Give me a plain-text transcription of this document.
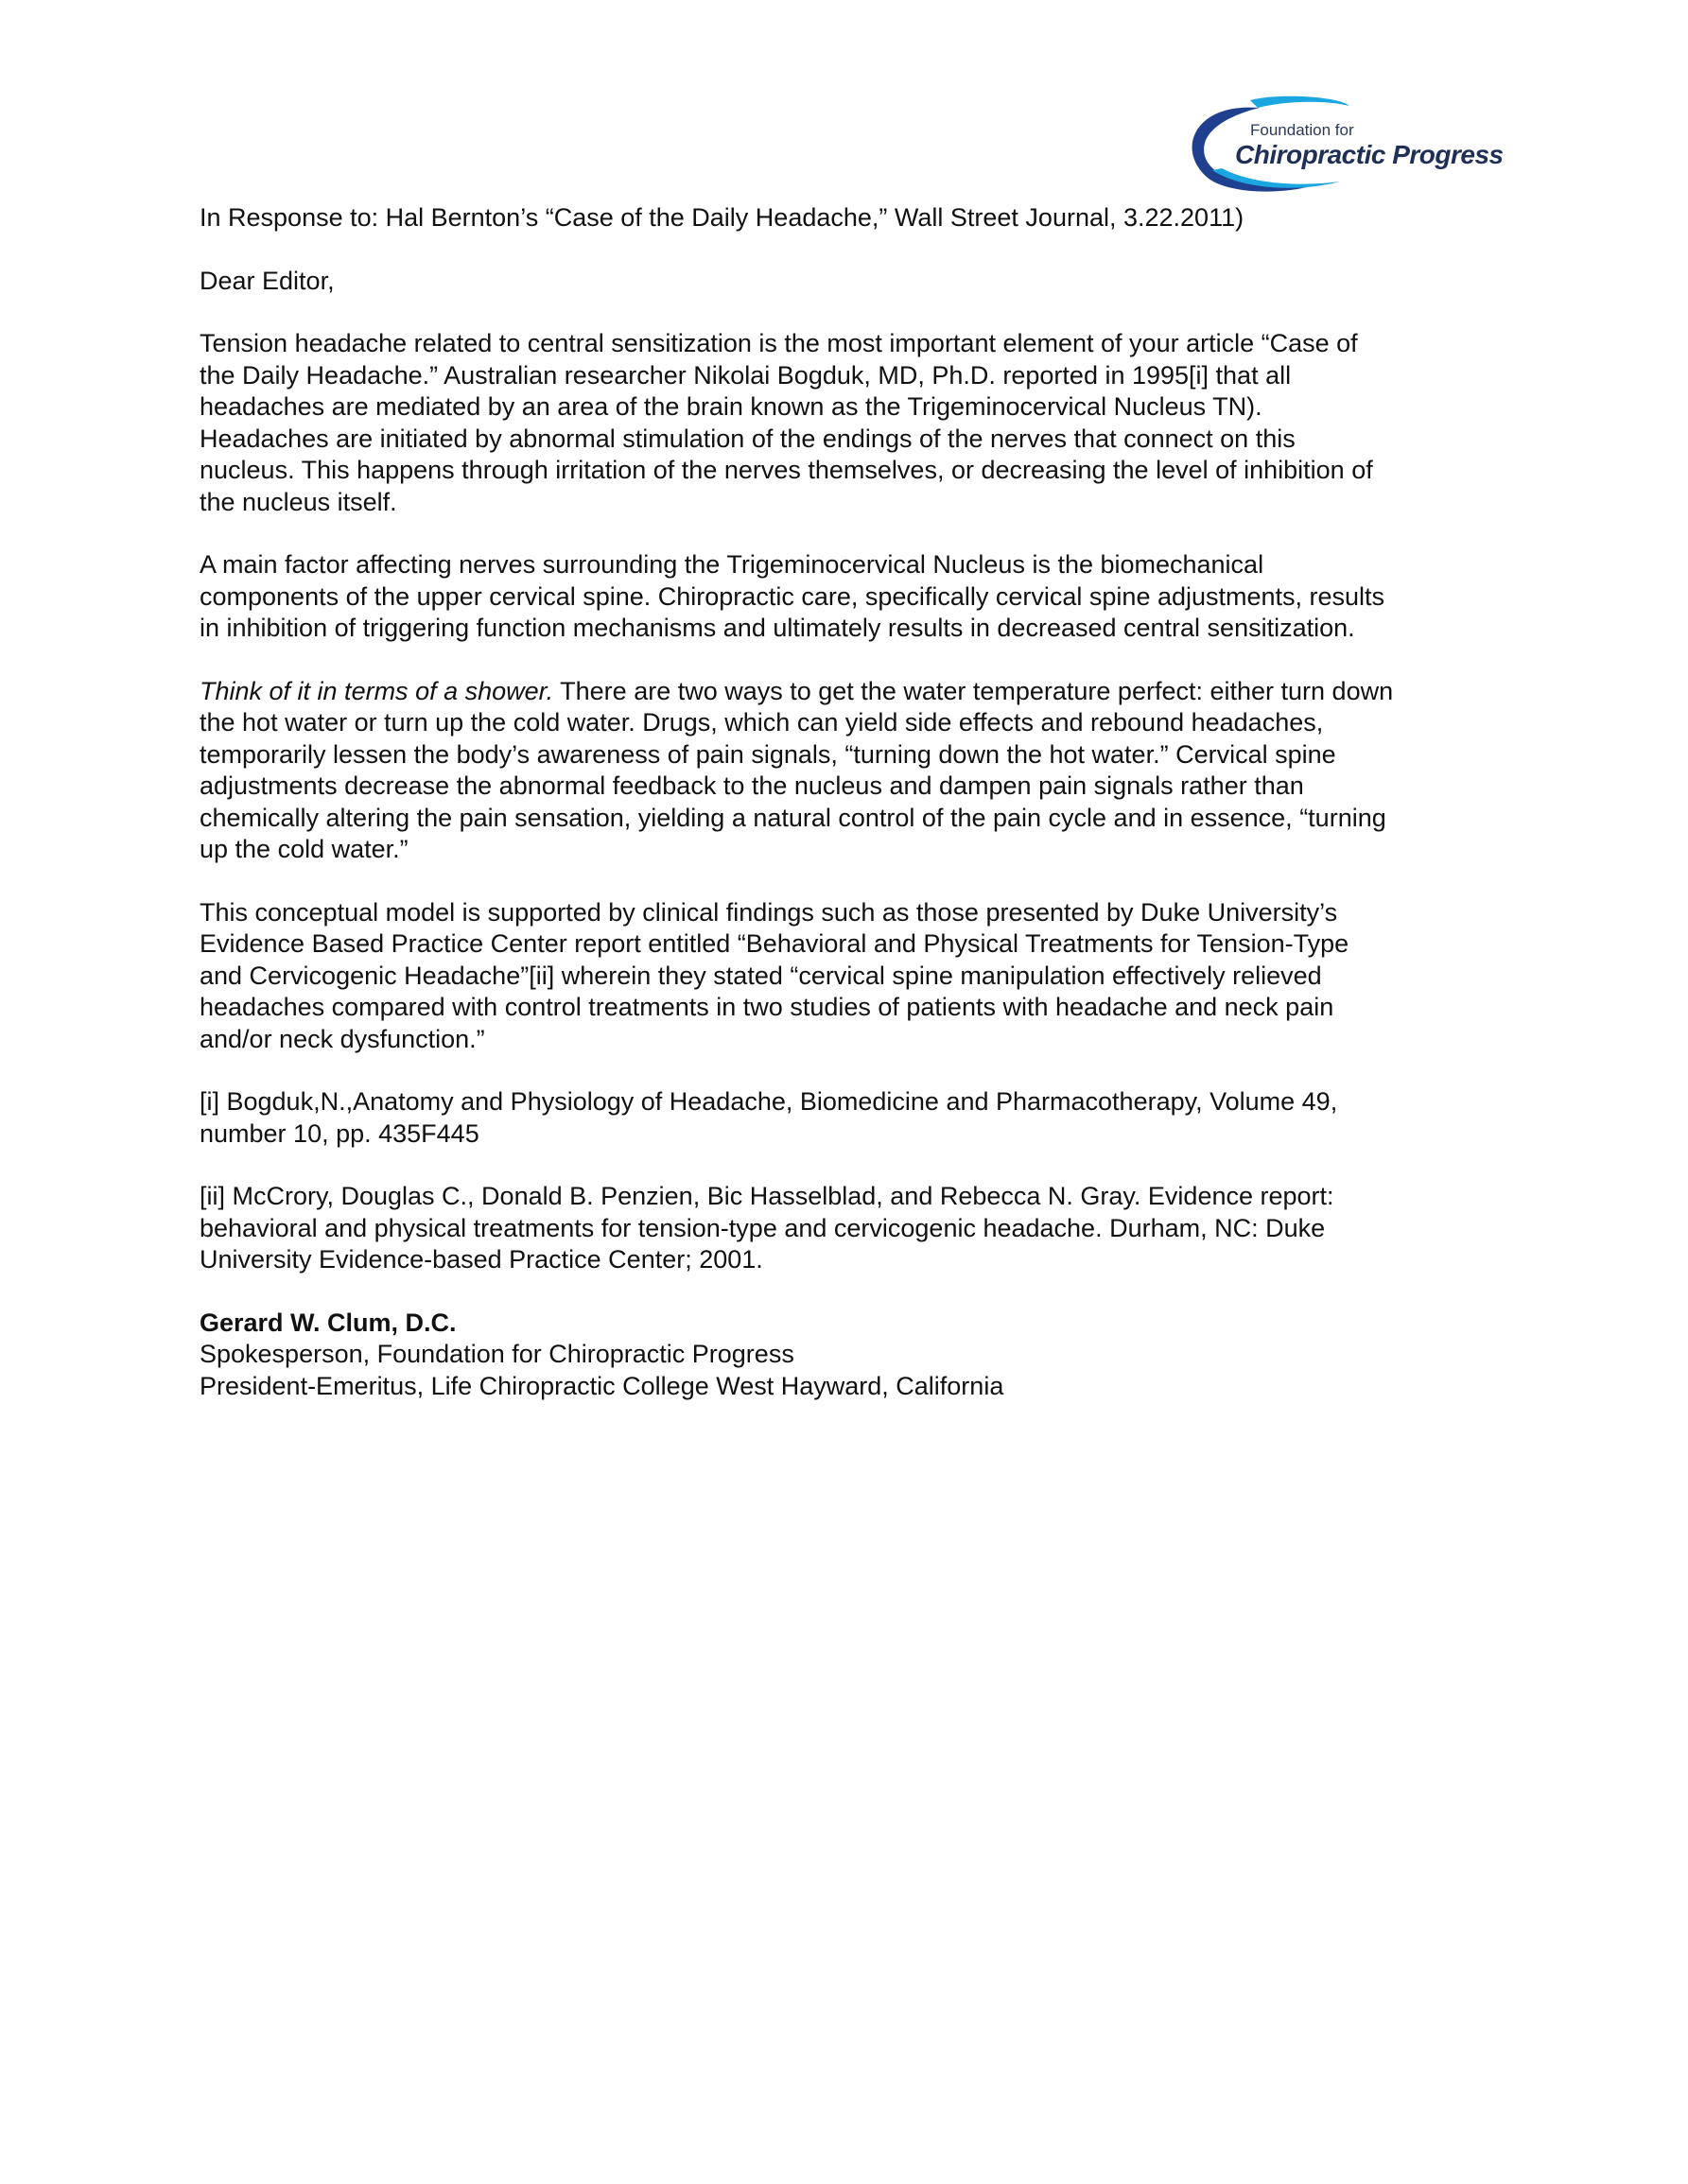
Foundation for
Chiropractic Progress

In Response to: Hal Bernton’s “Case of the Daily Headache,” Wall Street Journal, 3.22.2011)

Dear Editor,

Tension headache related to central sensitization is the most important element of your article “Case of
the Daily Headache.” Australian researcher Nikolai Bogduk, MD, Ph.D. reported in 1995[i] that all
headaches are mediated by an area of the brain known as the Trigeminocervical Nucleus TN).
Headaches are initiated by abnormal stimulation of the endings of the nerves that connect on this
nucleus. This happens through irritation of the nerves themselves, or decreasing the level of inhibition of
the nucleus itself.

A main factor affecting nerves surrounding the Trigeminocervical Nucleus is the biomechanical
components of the upper cervical spine. Chiropractic care, specifically cervical spine adjustments, results
in inhibition of triggering function mechanisms and ultimately results in decreased central sensitization.

Think of it in terms of a shower. There are two ways to get the water temperature perfect: either turn down
the hot water or turn up the cold water. Drugs, which can yield side effects and rebound headaches,
temporarily lessen the body’s awareness of pain signals, “turning down the hot water.” Cervical spine
adjustments decrease the abnormal feedback to the nucleus and dampen pain signals rather than
chemically altering the pain sensation, yielding a natural control of the pain cycle and in essence, “turning
up the cold water.”

This conceptual model is supported by clinical findings such as those presented by Duke University’s
Evidence Based Practice Center report entitled “Behavioral and Physical Treatments for Tension-Type
and Cervicogenic Headache”[ii] wherein they stated “cervical spine manipulation effectively relieved
headaches compared with control treatments in two studies of patients with headache and neck pain
and/or neck dysfunction.”

[i] Bogduk,N.,Anatomy and Physiology of Headache, Biomedicine and Pharmacotherapy, Volume 49,
number 10, pp. 435F445

[ii] McCrory, Douglas C., Donald B. Penzien, Bic Hasselblad, and Rebecca N. Gray. Evidence report:
behavioral and physical treatments for tension-type and cervicogenic headache. Durham, NC: Duke
University Evidence-based Practice Center; 2001.

Gerard W. Clum, D.C.

Spokesperson, Foundation for Chiropractic Progress

President-Emeritus, Life Chiropractic College West Hayward, California
